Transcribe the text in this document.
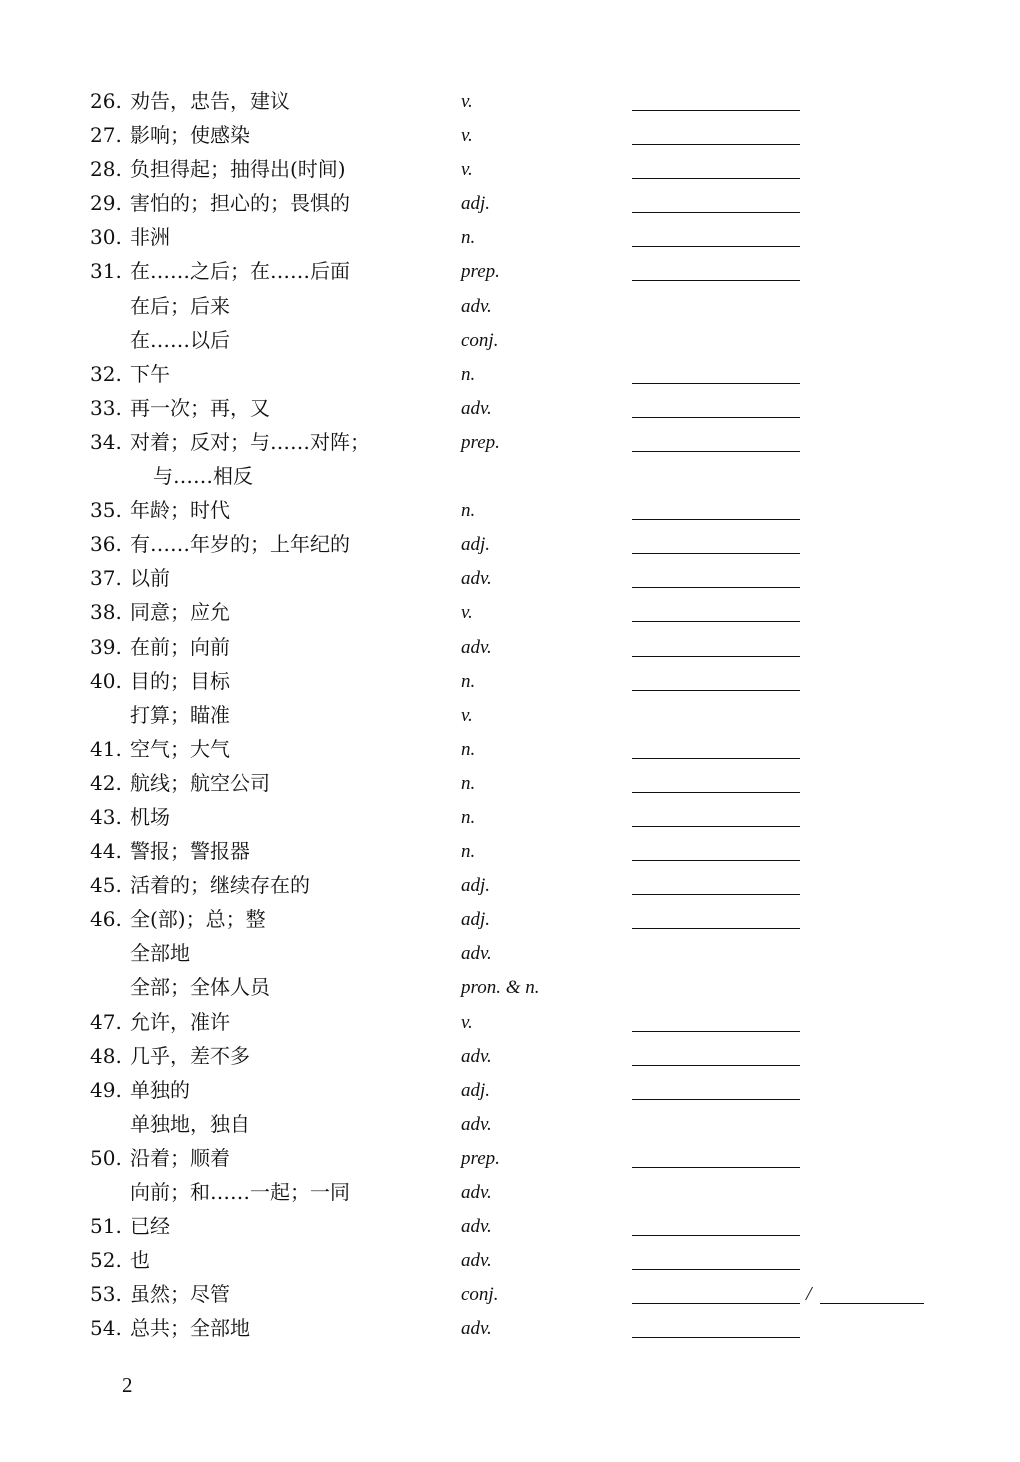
26. 劝告，忠告，建议	v.
27. 影响；使感染	v.
28. 负担得起；抽得出(时间)	v.
29. 害怕的；担心的；畏惧的	adj.
30. 非洲	n.
31. 在……之后；在……后面	prep.
在后；后来	adv.
在……以后	conj.
32. 下午	n.
33. 再一次；再，又	adv.
34. 对着；反对；与……对阵；	prep.
与……相反
35. 年龄；时代	n.
36. 有……年岁的；上年纪的	adj.
37. 以前	adv.
38. 同意；应允	v.
39. 在前；向前	adv.
40. 目的；目标	n.
打算；瞄准	v.
41. 空气；大气	n.
42. 航线；航空公司	n.
43. 机场	n.
44. 警报；警报器	n.
45. 活着的；继续存在的	adj.
46. 全(部)；总；整	adj.
全部地	adv.
全部；全体人员	pron. & n.
47. 允许，准许	v.
48. 几乎，差不多	adv.
49. 单独的	adj.
单独地，独自	adv.
50. 沿着；顺着	prep.
向前；和……一起；一同	adv.
51. 已经	adv.
52. 也	adv.
53. 虽然；尽管	conj.	/
54. 总共；全部地	adv.
2
